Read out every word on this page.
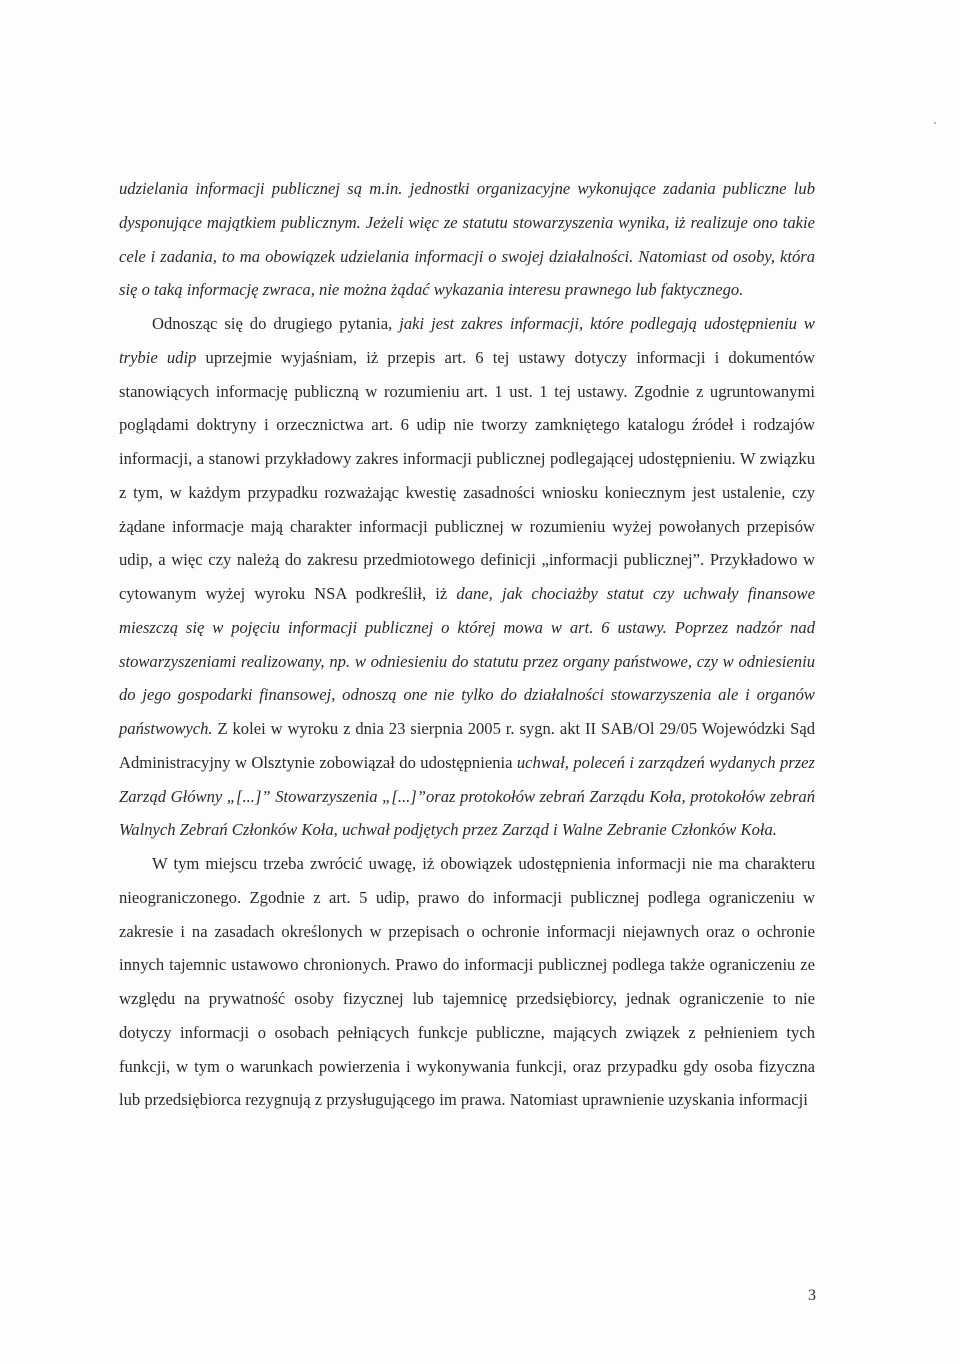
udzielania informacji publicznej są m.in. jednostki organizacyjne wykonujące zadania publiczne lub dysponujące majątkiem publicznym. Jeżeli więc ze statutu stowarzyszenia wynika, iż realizuje ono takie cele i zadania, to ma obowiązek udzielania informacji o swojej działalności. Natomiast od osoby, która się o taką informację zwraca, nie można żądać wykazania interesu prawnego lub faktycznego.

Odnosząc się do drugiego pytania, jaki jest zakres informacji, które podlegają udostępnieniu w trybie udip uprzejmie wyjaśniam, iż przepis art. 6 tej ustawy dotyczy informacji i dokumentów stanowiących informację publiczną w rozumieniu art. 1 ust. 1 tej ustawy. Zgodnie z ugruntowanymi poglądami doktryny i orzecznictwa art. 6 udip nie tworzy zamkniętego katalogu źródeł i rodzajów informacji, a stanowi przykładowy zakres informacji publicznej podlegającej udostępnieniu. W związku z tym, w każdym przypadku rozważając kwestię zasadności wniosku koniecznym jest ustalenie, czy żądane informacje mają charakter informacji publicznej w rozumieniu wyżej powołanych przepisów udip, a więc czy należą do zakresu przedmiotowego definicji „informacji publicznej”. Przykładowo w cytowanym wyżej wyroku NSA podkreślił, iż dane, jak chociażby statut czy uchwały finansowe mieszczą się w pojęciu informacji publicznej o której mowa w art. 6 ustawy. Poprzez nadzór nad stowarzyszeniami realizowany, np. w odniesieniu do statutu przez organy państwowe, czy w odniesieniu do jego gospodarki finansowej, odnoszą one nie tylko do działalności stowarzyszenia ale i organów państwowych. Z kolei w wyroku z dnia 23 sierpnia 2005 r. sygn. akt II SAB/Ol 29/05 Wojewódzki Sąd Administracyjny w Olsztynie zobowiązał do udostępnienia uchwał, poleceń i zarządzeń wydanych przez Zarząd Główny „[...]” Stowarzyszenia „[...]”oraz protokołów zebrań Zarządu Koła, protokołów zebrań Walnych Zebrań Członków Koła, uchwał podjętych przez Zarząd i Walne Zebranie Członków Koła.

W tym miejscu trzeba zwrócić uwagę, iż obowiązek udostępnienia informacji nie ma charakteru nieograniczonego. Zgodnie z art. 5 udip, prawo do informacji publicznej podlega ograniczeniu w zakresie i na zasadach określonych w przepisach o ochronie informacji niejawnych oraz o ochronie innych tajemnic ustawowo chronionych. Prawo do informacji publicznej podlega także ograniczeniu ze względu na prywatność osoby fizycznej lub tajemnicę przedsiębiorcy, jednak ograniczenie to nie dotyczy informacji o osobach pełniących funkcje publiczne, mających związek z pełnieniem tych funkcji, w tym o warunkach powierzenia i wykonywania funkcji, oraz przypadku gdy osoba fizyczna lub przedsiębiorca rezygnują z przysługującego im prawa. Natomiast uprawnienie uzyskania informacji

3
